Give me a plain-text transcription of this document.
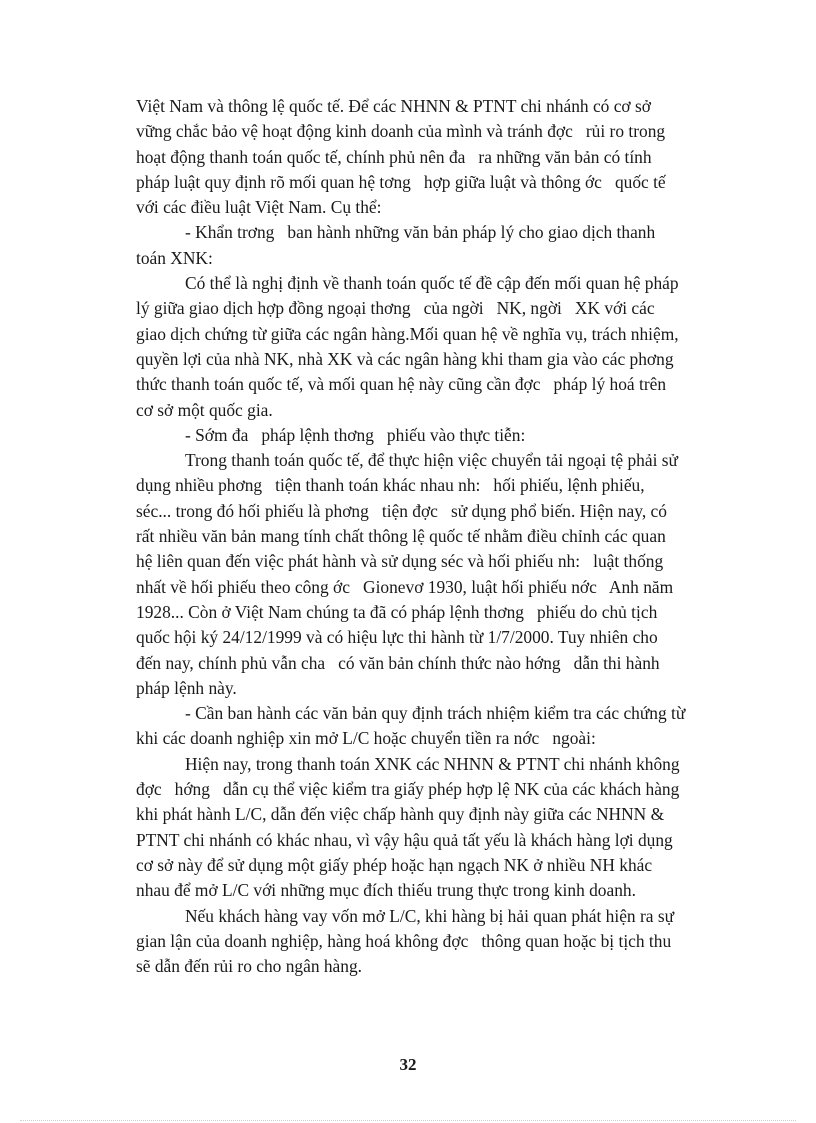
Việt Nam và thông lệ quốc tế. Để các NHNN & PTNT chi nhánh có cơ sở
vững chắc bảo vệ hoạt động kinh doanh của mình và tránh đợc   rủi ro trong
hoạt động thanh toán quốc tế, chính phủ nên đa   ra những văn bản có tính
pháp luật quy định rõ mối quan hệ tơng   hợp giữa luật và thông ớc   quốc tế
với các điều luật Việt Nam. Cụ thể:
- Khẩn trơng   ban hành những văn bản pháp lý cho giao dịch thanh
toán XNK:
Có thể là nghị định về thanh toán quốc tế đề cập đến mối quan hệ pháp
lý giữa giao dịch hợp đồng ngoại thơng   của ngời   NK, ngời   XK với các
giao dịch chứng từ giữa các ngân hàng.Mối quan hệ về nghĩa vụ, trách nhiệm,
quyền lợi của nhà NK, nhà XK và các ngân hàng khi tham gia vào các phơng
thức thanh toán quốc tế, và mối quan hệ này cũng cần đợc   pháp lý hoá trên
cơ sở một quốc gia.
- Sớm đa   pháp lệnh thơng   phiếu vào thực tiễn:
Trong thanh toán quốc tế, để thực hiện việc chuyển tải ngoại tệ phải sử
dụng nhiều phơng   tiện thanh toán khác nhau nh:   hối phiếu, lệnh phiếu,
séc... trong đó hối phiếu là phơng   tiện đợc   sử dụng phổ biến. Hiện nay, có
rất nhiều văn bản mang tính chất thông lệ quốc tế nhằm điều chỉnh các quan
hệ liên quan đến việc phát hành và sử dụng séc và hối phiếu nh:   luật thống
nhất về hối phiếu theo công ớc   Gionevơ 1930, luật hối phiếu nớc   Anh năm
1928... Còn ở Việt Nam chúng ta đã có pháp lệnh thơng   phiếu do chủ tịch
quốc hội ký 24/12/1999 và có hiệu lực thi hành từ 1/7/2000. Tuy nhiên cho
đến nay, chính phủ vẫn cha   có văn bản chính thức nào hớng   dẫn thi hành
pháp lệnh này.
- Cần ban hành các văn bản quy định trách nhiệm kiểm tra các chứng từ
khi các doanh nghiệp xin mở L/C hoặc chuyển tiền ra nớc   ngoài:
Hiện nay, trong thanh toán XNK các NHNN & PTNT chi nhánh không
đợc   hớng   dẫn cụ thể việc kiểm tra giấy phép hợp lệ NK của các khách hàng
khi phát hành L/C, dẫn đến việc chấp hành quy định này giữa các NHNN &
PTNT chi nhánh có khác nhau, vì vậy hậu quả tất yếu là khách hàng lợi dụng
cơ sở này để sử dụng một giấy phép hoặc hạn ngạch NK ở nhiều NH khác
nhau để mở L/C với những mục đích thiếu trung thực trong kinh doanh.
Nếu khách hàng vay vốn mở L/C, khi hàng bị hải quan phát hiện ra sự
gian lận của doanh nghiệp, hàng hoá không đợc   thông quan hoặc bị tịch thu
sẽ dẫn đến rủi ro cho ngân hàng.
32
